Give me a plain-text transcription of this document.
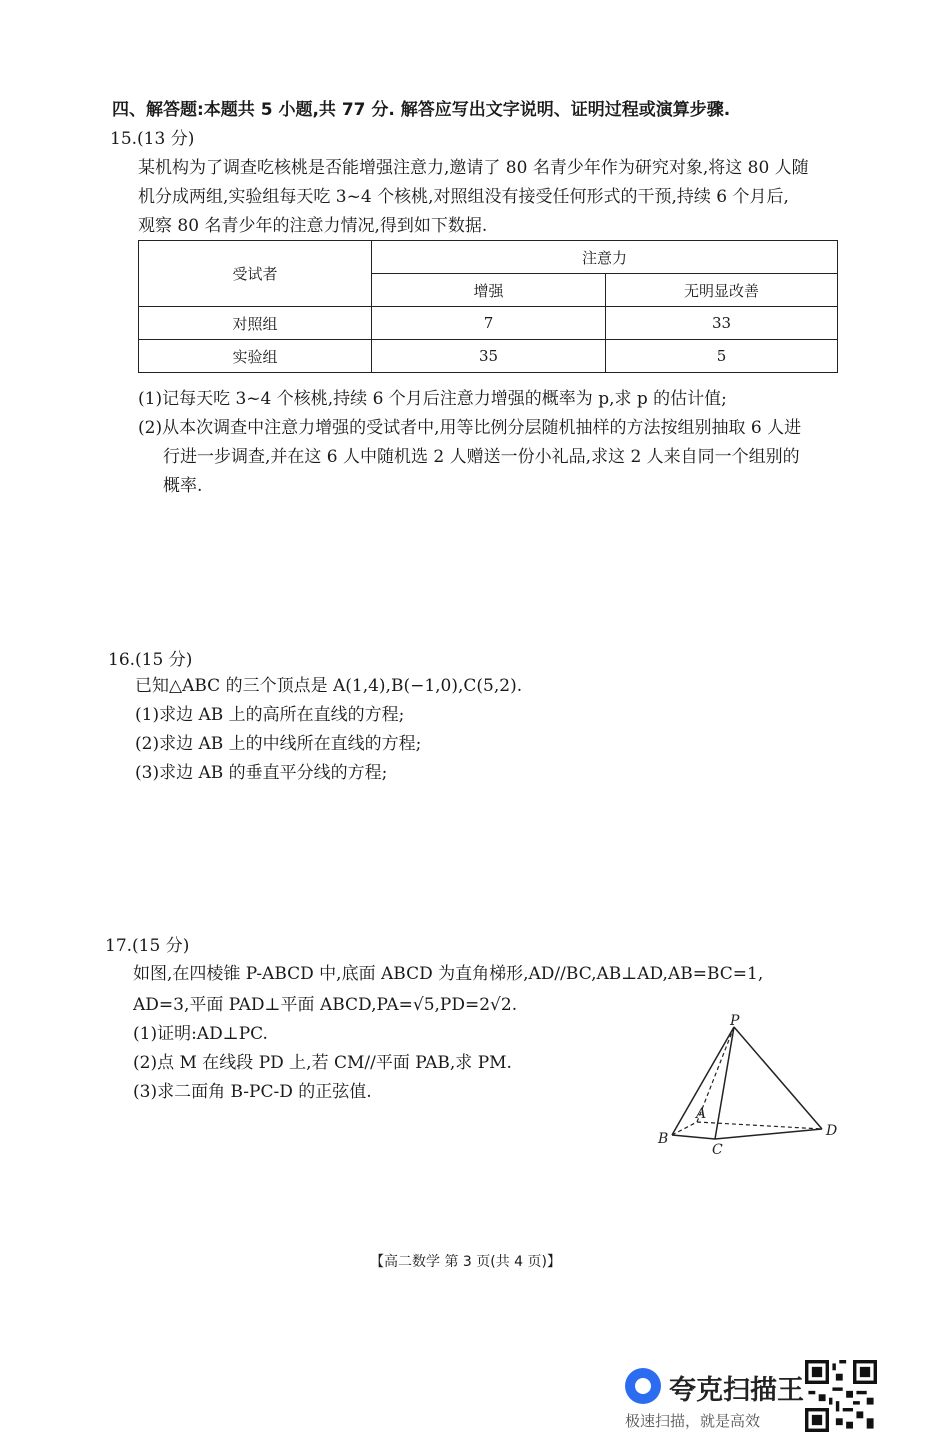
四、解答题:本题共 5 小题,共 77 分. 解答应写出文字说明、证明过程或演算步骤.
15.(13 分)
某机构为了调查吃核桃是否能增强注意力,邀请了 80 名青少年作为研究对象,将这 80 人随
机分成两组,实验组每天吃 3~4 个核桃,对照组没有接受任何形式的干预,持续 6 个月后,
观察 80 名青少年的注意力情况,得到如下数据.
受试者	注意力	
	增强	无明显改善
对照组	7	33
实验组	35	5
(1)记每天吃 3~4 个核桃,持续 6 个月后注意力增强的概率为 p,求 p 的估计值;
(2)从本次调查中注意力增强的受试者中,用等比例分层随机抽样的方法按组别抽取 6 人进
行进一步调查,并在这 6 人中随机选 2 人赠送一份小礼品,求这 2 人来自同一个组别的
概率.
16.(15 分)
已知△ABC 的三个顶点是 A(1,4),B(−1,0),C(5,2).
(1)求边 AB 上的高所在直线的方程;
(2)求边 AB 上的中线所在直线的方程;
(3)求边 AB 的垂直平分线的方程;
17.(15 分)
如图,在四棱锥 P-ABCD 中,底面 ABCD 为直角梯形,AD//BC,AB⊥AD,AB=BC=1,
AD=3,平面 PAD⊥平面 ABCD,PA=√5,PD=2√2.
(1)证明:AD⊥PC.
(2)点 M 在线段 PD 上,若 CM//平面 PAB,求 PM.
(3)求二面角 B-PC-D 的正弦值.
P
A
B
C
D
【高二数学 第 3 页(共 4 页)】
夸克扫描王
极速扫描，就是高效
